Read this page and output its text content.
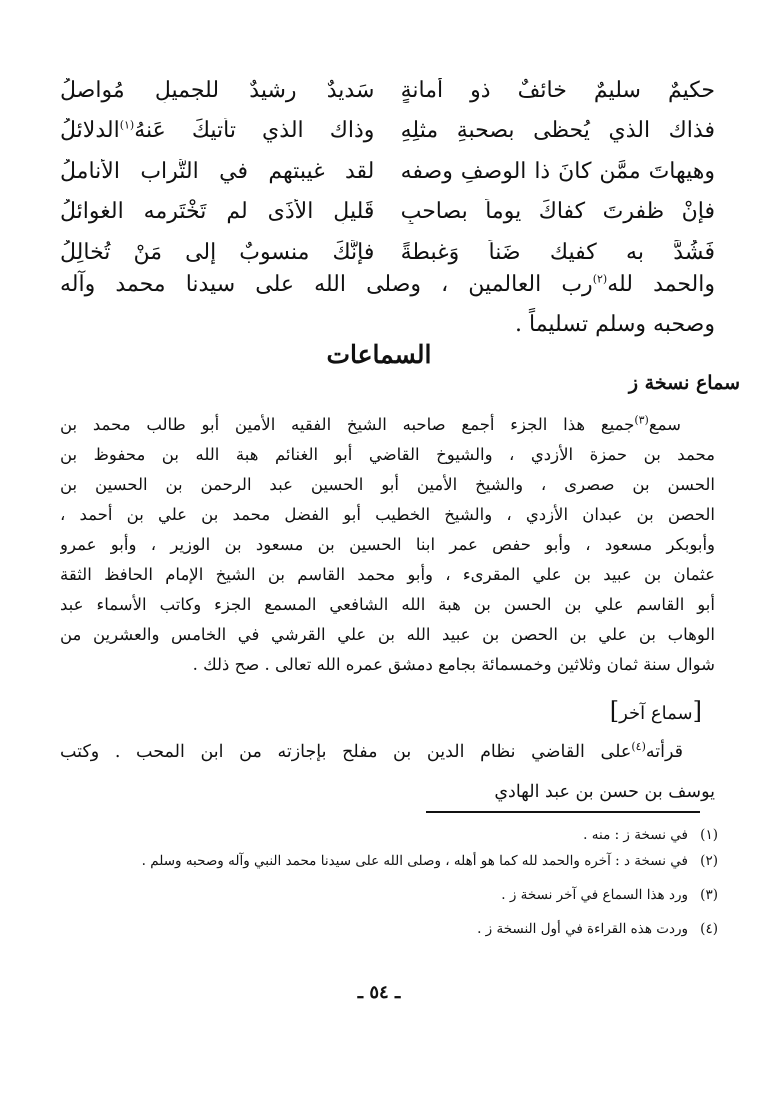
حكيمٌ سليمٌ خائفٌ ذو أمانةٍ
سَديدٌ رشيدٌ للجميلِ مُواصلُ
فذاك الذي يُحظى بصحبةِ مثلِهِ
وذاك الذي تأتيكَ عَنهُ$^{(١)}$الدلائلُ
وهيهاتَ ممَّن كانَ ذا الوصفِ وصفه
لقد غيبتهم في التُّراب الأناملُ
فإنْ ظفرتَ كفاكَ يوماً بصاحبٍ
قَليلِ الأذَى لم تَخْتَرِمه الغوائلُ
فَشُدَّ به كفيك ضَناً وَغبطةً
فإنَّكَ منسوبٌ إلى مَنْ تُخالِلُ
والحمد لله$^{(٢)}$رب العالمين ، وصلى الله على سيدنا محمد وآله
وصحبه وسلم تسليماً .
السماعات
سماع نسخة ز
سمع$^{(٣)}$جميع هذا الجزء أجمع صاحبه الشيخ الفقيه الأمين أبو طالب محمد بن
محمد بن حمزة الأزدي ، والشيوخ القاضي أبو الغنائم هبة الله بن محفوظ بن
الحسن بن صصرى ، والشيخ الأمين أبو الحسين عبد الرحمن بن الحسين بن
الحصن بن عبدان الأزدي ، والشيخ الخطيب أبو الفضل محمد بن علي بن أحمد ،
وأبوبكر مسعود ، وأبو حفص عمر ابنا الحسين بن مسعود بن الوزير ، وأبو عمرو
عثمان بن عبيد بن علي المقرىء ، وأبو محمد القاسم بن الشيخ الإمام الحافظ الثقة
أبو القاسم علي بن الحسن بن هبة الله الشافعي المسمع الجزء وكاتب الأسماء عبد
الوهاب بن علي بن الحصن بن عبيد الله بن علي القرشي في الخامس والعشرين من
شوال سنة ثمان وثلاثين وخمسمائة بجامع دمشق عمره الله تعالى . صح ذلك .
[سماع آخر]
قرأته$^{(٤)}$على القاضي نظام الدين بن مفلح بإجازته من ابن المحب . وكتب
يوسف بن حسن بن عبد الهادي
(١)
في نسخة ز : منه .
(٢)
في نسخة د : آخره والحمد لله كما هو أهله ، وصلى الله على سيدنا محمد النبي وآله وصحبه وسلم .
(٣)
ورد هذا السماع في آخر نسخة ز .
(٤)
وردت هذه القراءة في أول النسخة ز .
ـ ٥٤ ـ
